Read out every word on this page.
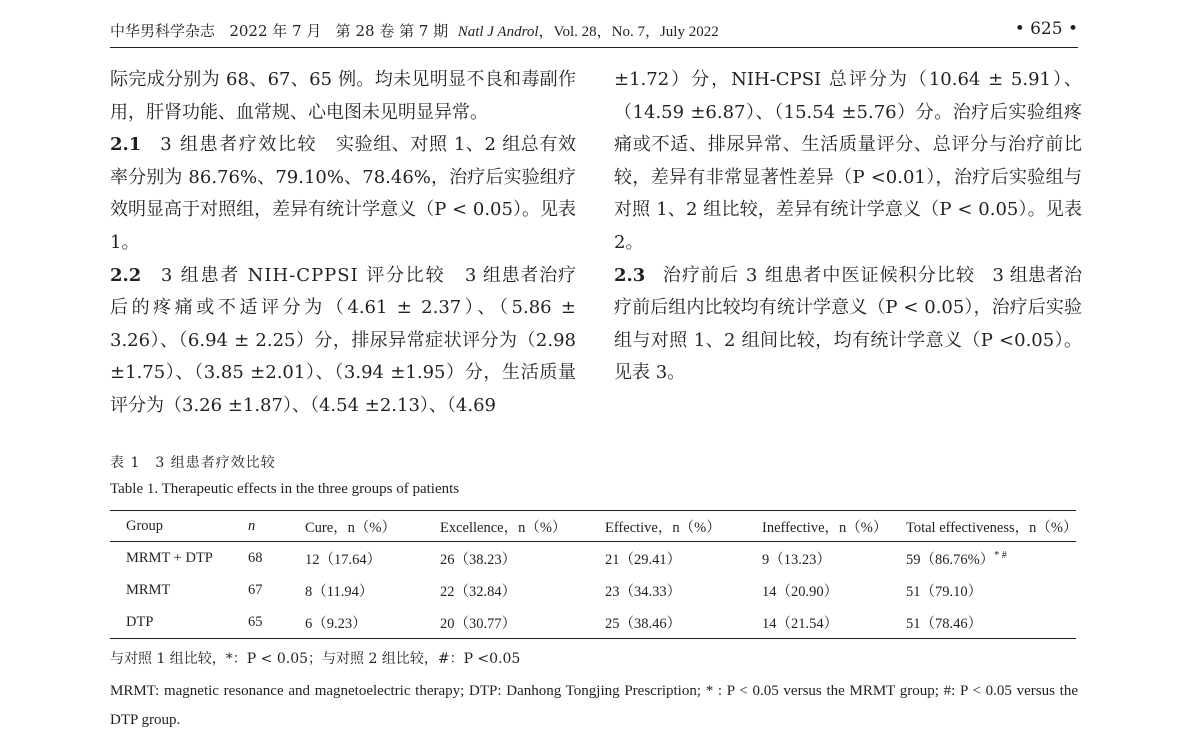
中华男科学杂志 2022 年 7 月 第 28 卷 第 7 期 Natl J Androl，Vol. 28，No. 7，July 2022	• 625 •

际完成分别为 68、67、65 例。均未见明显不良和毒副作用，肝肾功能、血常规、心电图未见明显异常。

2.1 3 组患者疗效比较 实验组、对照 1、2 组总有效率分别为 86.76%、79.10%、78.46%，治疗后实验组疗效明显高于对照组，差异有统计学意义（P < 0.05）。见表 1。

2.2 3 组患者 NIH-CPPSI 评分比较 3 组患者治疗后的疼痛或不适评分为（4.61 ± 2.37）、（5.86 ± 3.26）、（6.94 ± 2.25）分，排尿异常症状评分为（2.98 ±1.75）、（3.85 ±2.01）、（3.94 ±1.95）分，生活质量评分为（3.26 ±1.87）、（4.54 ±2.13）、（4.69

±1.72）分，NIH-CPSI 总评分为（10.64 ± 5.91）、（14.59 ±6.87）、（15.54 ±5.76）分。治疗后实验组疼痛或不适、排尿异常、生活质量评分、总评分与治疗前比较，差异有非常显著性差异（P <0.01），治疗后实验组与对照 1、2 组比较，差异有统计学意义（P < 0.05）。见表 2。

2.3 治疗前后 3 组患者中医证候积分比较 3 组患者治疗前后组内比较均有统计学意义（P < 0.05），治疗后实验组与对照 1、2 组间比较，均有统计学意义（P <0.05）。见表 3。

表 1　3 组患者疗效比较
Table 1. Therapeutic effects in the three groups of patients
Group	n	Cure，n（%）	Excellence，n（%）	Effective，n（%）	Ineffective，n（%）	Total effectiveness，n（%）
MRMT + DTP	68	12（17.64）	26（38.23）	21（29.41）	9（13.23）	59（86.76%）* #
MRMT	67	8（11.94）	22（32.84）	23（34.33）	14（20.90）	51（79.10）
DTP	65	6（9.23）	20（30.77）	25（38.46）	14（21.54）	51（78.46）
与对照 1 组比较，*：P < 0.05；与对照 2 组比较，#：P <0.05
MRMT: magnetic resonance and magnetoelectric therapy; DTP: Danhong Tongjing Prescription; * : P < 0.05 versus the MRMT group; #: P < 0.05 versus the DTP group.
